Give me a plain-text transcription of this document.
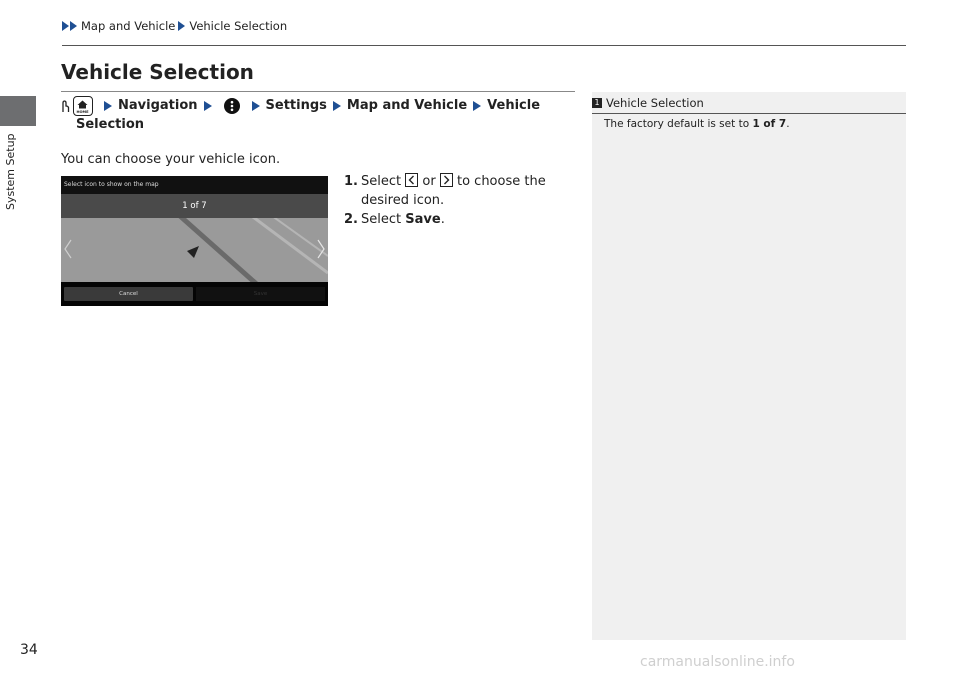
Map and Vehicle Vehicle Selection
System Setup
Vehicle Selection
HOME Navigation	Settings Map and Vehicle Vehicle
Selection
You can choose your vehicle icon.
Select icon to show on the map
1 of 7
Cancel	Save
1. Select or to choose the
desired icon.
2. Select Save.
1 Vehicle Selection
The factory default is set to 1 of 7.
34
carmanualsonline.info
